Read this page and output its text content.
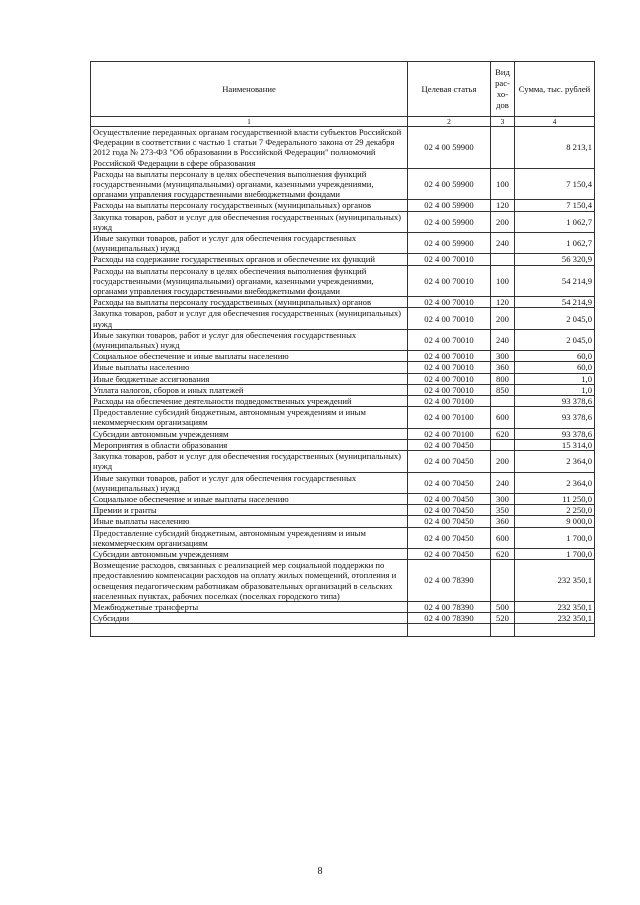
Наименование	Целевая статья	Вид рас-хо-дов	Сумма, тыс. рублей
1	2	3	4
Осуществление переданных органам государственной власти субъектов Российской Федерации в соответствии с частью 1 статьи 7 Федерального закона от 29 декабря 2012 года № 273-ФЗ "Об образовании в Российской Федерации" полномочий Российской Федерации в сфере образования	02 4 00 59900		8 213,1
Расходы на выплаты персоналу в целях обеспечения выполнения функций государственными (муниципальными) органами, казенными учреждениями, органами управления государственными внебюджетными фондами	02 4 00 59900	100	7 150,4
Расходы на выплаты персоналу государственных (муниципальных) органов	02 4 00 59900	120	7 150,4
Закупка товаров, работ и услуг для обеспечения государственных (муниципальных) нужд	02 4 00 59900	200	1 062,7
Иные закупки товаров, работ и услуг для обеспечения государственных (муниципальных) нужд	02 4 00 59900	240	1 062,7
Расходы на содержание государственных органов и обеспечение их функций	02 4 00 70010		56 320,9
Расходы на выплаты персоналу в целях обеспечения выполнения функций государственными (муниципальными) органами, казенными учреждениями, органами управления государственными внебюджетными фондами	02 4 00 70010	100	54 214,9
Расходы на выплаты персоналу государственных (муниципальных) органов	02 4 00 70010	120	54 214,9
Закупка товаров, работ и услуг для обеспечения государственных (муниципальных) нужд	02 4 00 70010	200	2 045,0
Иные закупки товаров, работ и услуг для обеспечения государственных (муниципальных) нужд	02 4 00 70010	240	2 045,0
Социальное обеспечение и иные выплаты населению	02 4 00 70010	300	60,0
Иные выплаты населению	02 4 00 70010	360	60,0
Иные бюджетные ассигнования	02 4 00 70010	800	1,0
Уплата налогов, сборов и иных платежей	02 4 00 70010	850	1,0
Расходы на обеспечение деятельности подведомственных учреждений	02 4 00 70100		93 378,6
Предоставление субсидий бюджетным, автономным учреждениям и иным некоммерческим организациям	02 4 00 70100	600	93 378,6
Субсидии автономным учреждениям	02 4 00 70100	620	93 378,6
Мероприятия в области образования	02 4 00 70450		15 314,0
Закупка товаров, работ и услуг для обеспечения государственных (муниципальных) нужд	02 4 00 70450	200	2 364,0
Иные закупки товаров, работ и услуг для обеспечения государственных (муниципальных) нужд	02 4 00 70450	240	2 364,0
Социальное обеспечение и иные выплаты населению	02 4 00 70450	300	11 250,0
Премии и гранты	02 4 00 70450	350	2 250,0
Иные выплаты населению	02 4 00 70450	360	9 000,0
Предоставление субсидий бюджетным, автономным учреждениям и иным некоммерческим организациям	02 4 00 70450	600	1 700,0
Субсидии автономным учреждениям	02 4 00 70450	620	1 700,0
Возмещение расходов, связанных с реализацией мер социальной поддержки по предоставлению компенсации расходов на оплату жилых помещений, отопления и освещения педагогическим работникам образовательных организаций в сельских населенных пунктах, рабочих поселках (поселках городского типа)	02 4 00 78390		232 350,1
Межбюджетные трансферты	02 4 00 78390	500	232 350,1
Субсидии	02 4 00 78390	520	232 350,1

8
